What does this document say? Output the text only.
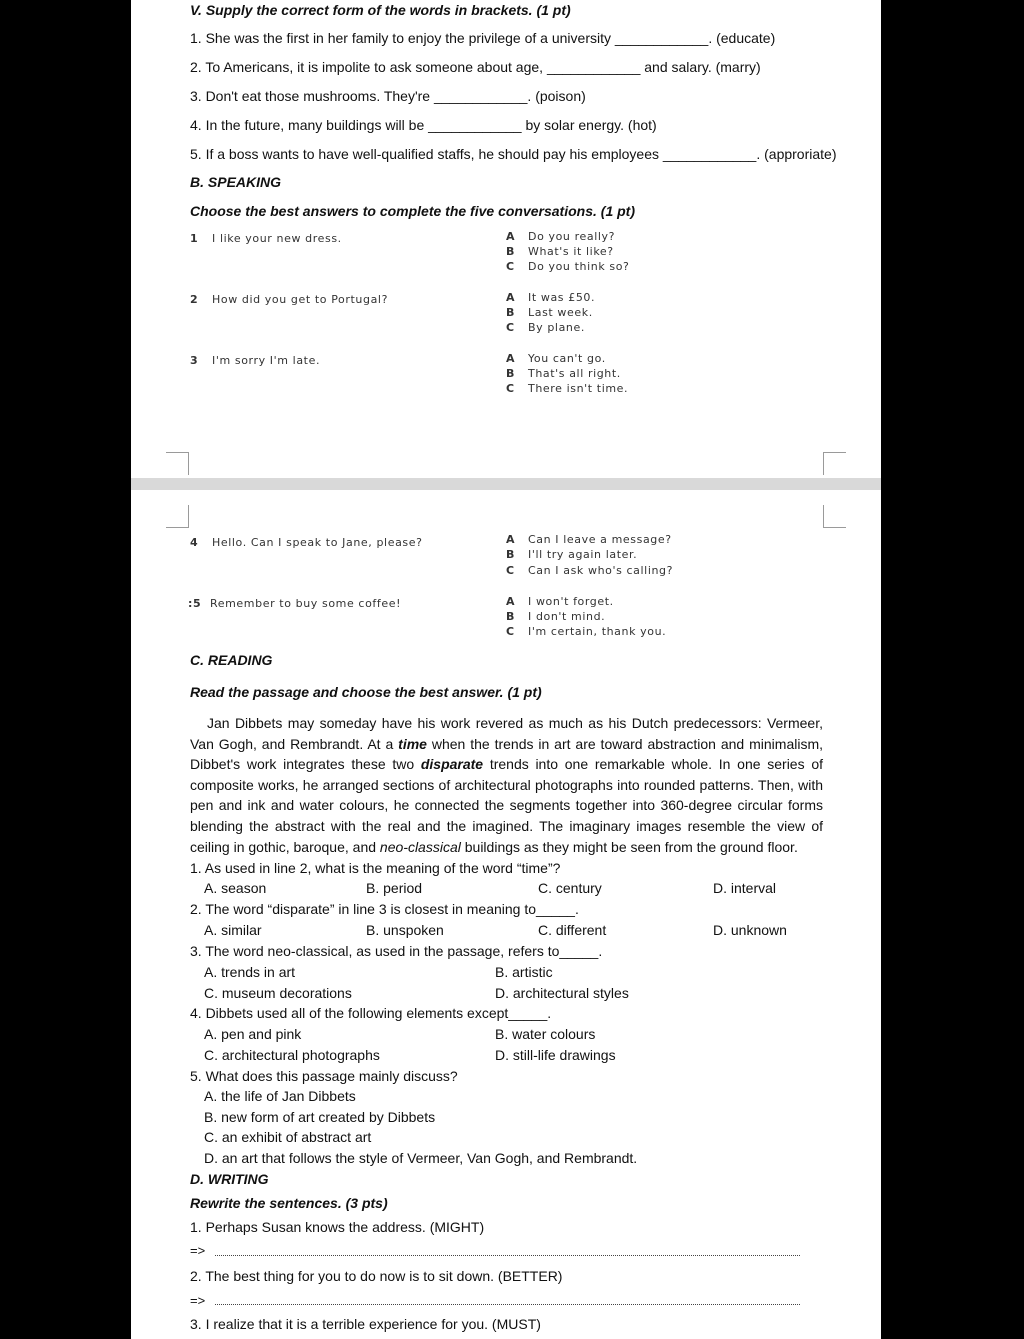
V. Supply the correct form of the words in brackets. (1 pt)
1. She was the first in her family to enjoy the privilege of a university ____________. (educate)
2. To Americans, it is impolite to ask someone about age, ____________ and salary. (marry)
3. Don't eat those mushrooms. They're ____________. (poison)
4. In the future, many buildings will be ____________ by solar energy. (hot)
5. If a boss wants to have well-qualified staffs, he should pay his employees ____________. (approriate)
B. SPEAKING
Choose the best answers to complete the five conversations. (1 pt)
1 I like your new dress.	A Do you really?
B What's it like?
C Do you think so?
2 How did you get to Portugal?	A It was £50.
B Last week.
C By plane.
3 I'm sorry I'm late.	A You can't go.
B That's all right.
C There isn't time.
4 Hello. Can I speak to Jane, please?	A Can I leave a message?
B I'll try again later.
C Can I ask who's calling?
:5 Remember to buy some coffee!	A I won't forget.
B I don't mind.
C I'm certain, thank you.
C. READING
Read the passage and choose the best answer. (1 pt)
Jan Dibbets may someday have his work revered as much as his Dutch predecessors: Vermeer, Van Gogh, and Rembrandt. At a time when the trends in art are toward abstraction and minimalism, Dibbet's work integrates these two disparate trends into one remarkable whole. In one series of composite works, he arranged sections of architectural photographs into rounded patterns. Then, with pen and ink and water colours, he connected the segments together into 360-degree circular forms blending the abstract with the real and the imagined. The imaginary images resemble the view of ceiling in gothic, baroque, and neo-classical buildings as they might be seen from the ground floor.
1. As used in line 2, what is the meaning of the word “time”?
A. season	B. period	C. century	D. interval
2. The word “disparate” in line 3 is closest in meaning to_____.
A. similar	B. unspoken	C. different	D. unknown
3. The word neo-classical, as used in the passage, refers to_____.
A. trends in art	B. artistic
C. museum decorations	D. architectural styles
4. Dibbets used all of the following elements except_____.
A. pen and pink	B. water colours
C. architectural photographs	D. still-life drawings
5. What does this passage mainly discuss?
A. the life of Jan Dibbets
B. new form of art created by Dibbets
C. an exhibit of abstract art
D. an art that follows the style of Vermeer, Van Gogh, and Rembrandt.
D. WRITING
Rewrite the sentences. (3 pts)
1. Perhaps Susan knows the address. (MIGHT)
=>
2. The best thing for you to do now is to sit down. (BETTER)
=>
3. I realize that it is a terrible experience for you. (MUST)
